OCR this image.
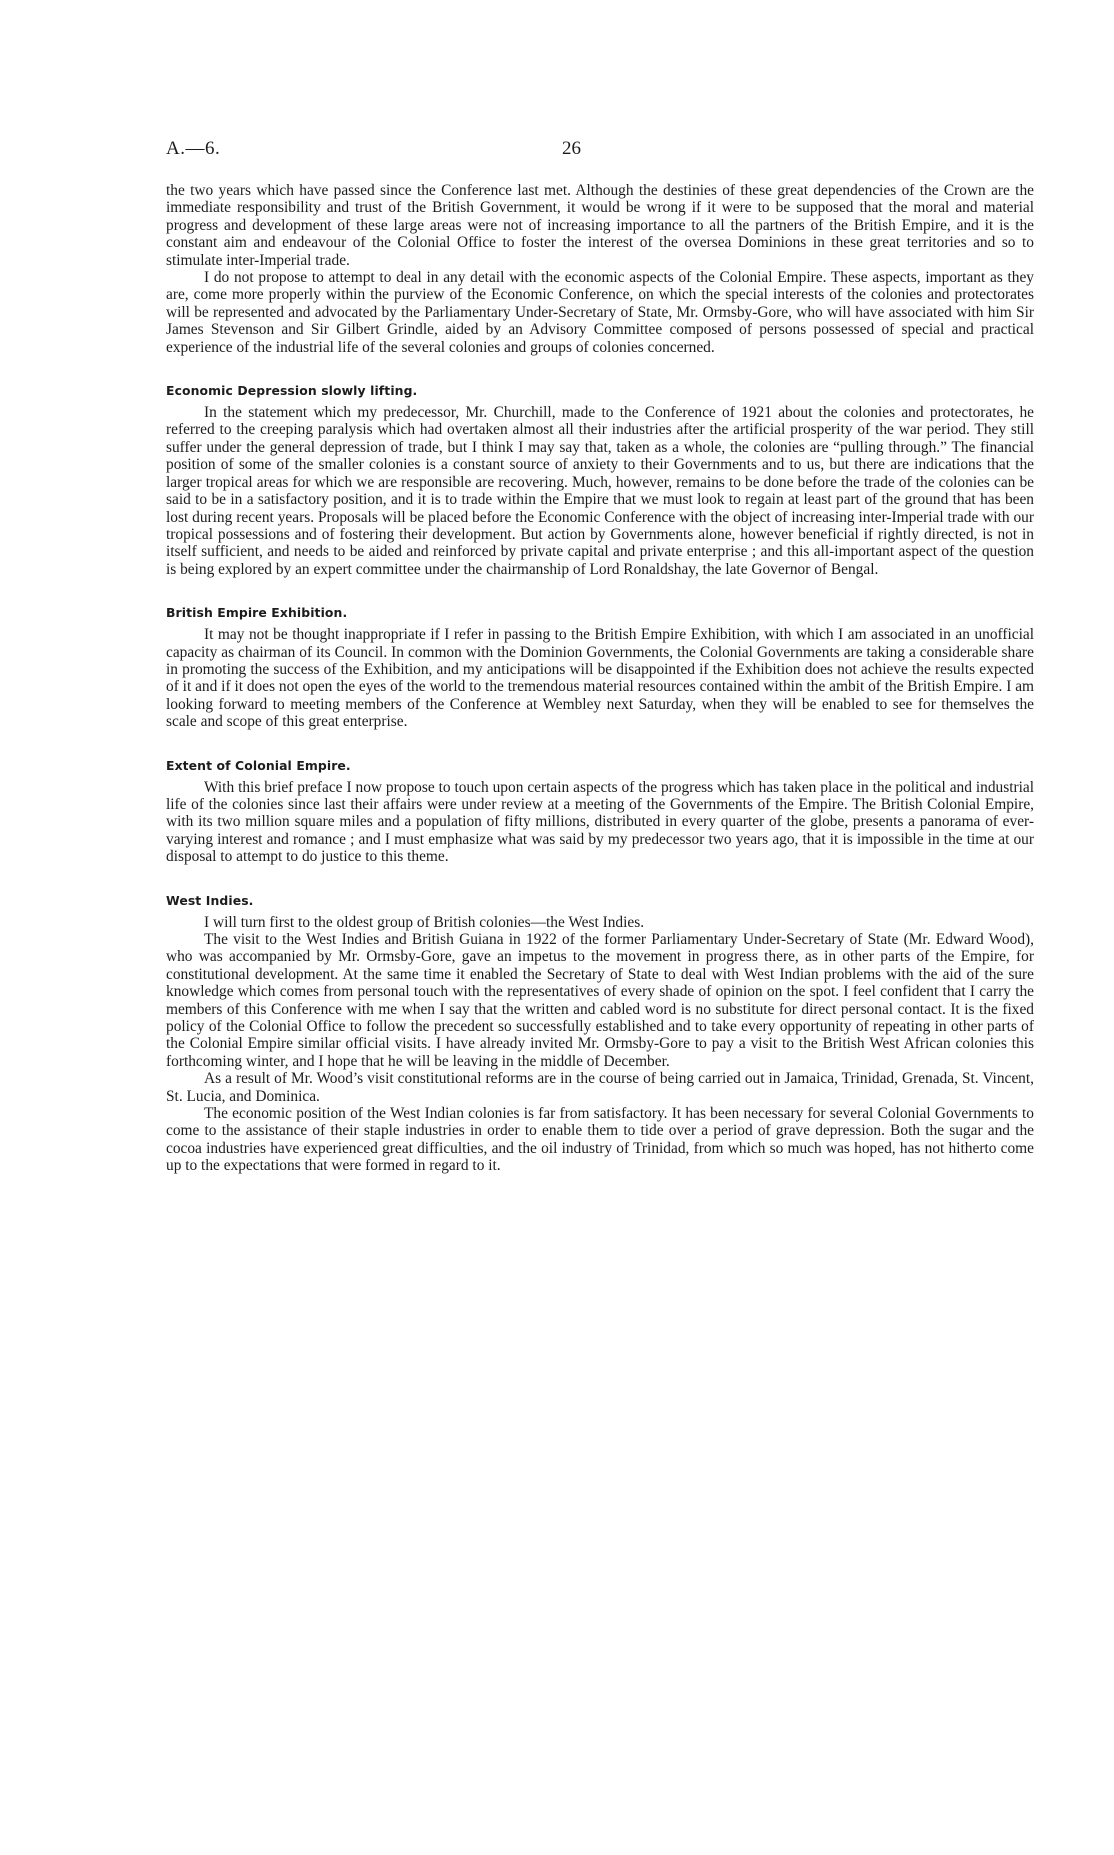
A.—6.	26

the two years which have passed since the Conference last met. Although the destinies of these great dependencies of the Crown are the immediate responsibility and trust of the British Government, it would be wrong if it were to be supposed that the moral and material progress and development of these large areas were not of increasing importance to all the partners of the British Empire, and it is the constant aim and endeavour of the Colonial Office to foster the interest of the oversea Dominions in these great territories and so to stimulate inter-Imperial trade.

I do not propose to attempt to deal in any detail with the economic aspects of the Colonial Empire. These aspects, important as they are, come more properly within the purview of the Economic Conference, on which the special interests of the colonies and protectorates will be represented and advocated by the Parliamentary Under-Secretary of State, Mr. Ormsby-Gore, who will have associated with him Sir James Stevenson and Sir Gilbert Grindle, aided by an Advisory Committee composed of persons possessed of special and practical experience of the industrial life of the several colonies and groups of colonies concerned.

Economic Depression slowly lifting.

In the statement which my predecessor, Mr. Churchill, made to the Conference of 1921 about the colonies and protectorates, he referred to the creeping paralysis which had overtaken almost all their industries after the artificial prosperity of the war period. They still suffer under the general depression of trade, but I think I may say that, taken as a whole, the colonies are “pulling through.” The financial position of some of the smaller colonies is a constant source of anxiety to their Governments and to us, but there are indications that the larger tropical areas for which we are responsible are recovering. Much, however, remains to be done before the trade of the colonies can be said to be in a satisfactory position, and it is to trade within the Empire that we must look to regain at least part of the ground that has been lost during recent years. Proposals will be placed before the Economic Conference with the object of increasing inter-Imperial trade with our tropical possessions and of fostering their development. But action by Governments alone, however beneficial if rightly directed, is not in itself sufficient, and needs to be aided and reinforced by private capital and private enterprise ; and this all-important aspect of the question is being explored by an expert committee under the chairmanship of Lord Ronaldshay, the late Governor of Bengal.

British Empire Exhibition.

It may not be thought inappropriate if I refer in passing to the British Empire Exhibition, with which I am associated in an unofficial capacity as chairman of its Council. In common with the Dominion Governments, the Colonial Governments are taking a considerable share in promoting the success of the Exhibition, and my anticipations will be disappointed if the Exhibition does not achieve the results expected of it and if it does not open the eyes of the world to the tremendous material resources contained within the ambit of the British Empire. I am looking forward to meeting members of the Conference at Wembley next Saturday, when they will be enabled to see for themselves the scale and scope of this great enterprise.

Extent of Colonial Empire.

With this brief preface I now propose to touch upon certain aspects of the progress which has taken place in the political and industrial life of the colonies since last their affairs were under review at a meeting of the Governments of the Empire. The British Colonial Empire, with its two million square miles and a population of fifty millions, distributed in every quarter of the globe, presents a panorama of ever-varying interest and romance ; and I must emphasize what was said by my predecessor two years ago, that it is impossible in the time at our disposal to attempt to do justice to this theme.

West Indies.

I will turn first to the oldest group of British colonies—the West Indies.

The visit to the West Indies and British Guiana in 1922 of the former Parliamentary Under-Secretary of State (Mr. Edward Wood), who was accompanied by Mr. Ormsby-Gore, gave an impetus to the movement in progress there, as in other parts of the Empire, for constitutional development. At the same time it enabled the Secretary of State to deal with West Indian problems with the aid of the sure knowledge which comes from personal touch with the representatives of every shade of opinion on the spot. I feel confident that I carry the members of this Conference with me when I say that the written and cabled word is no substitute for direct personal contact. It is the fixed policy of the Colonial Office to follow the precedent so successfully established and to take every opportunity of repeating in other parts of the Colonial Empire similar official visits. I have already invited Mr. Ormsby-Gore to pay a visit to the British West African colonies this forthcoming winter, and I hope that he will be leaving in the middle of December.

As a result of Mr. Wood’s visit constitutional reforms are in the course of being carried out in Jamaica, Trinidad, Grenada, St. Vincent, St. Lucia, and Dominica.

The economic position of the West Indian colonies is far from satisfactory. It has been necessary for several Colonial Governments to come to the assistance of their staple industries in order to enable them to tide over a period of grave depression. Both the sugar and the cocoa industries have experienced great difficulties, and the oil industry of Trinidad, from which so much was hoped, has not hitherto come up to the expectations that were formed in regard to it.
